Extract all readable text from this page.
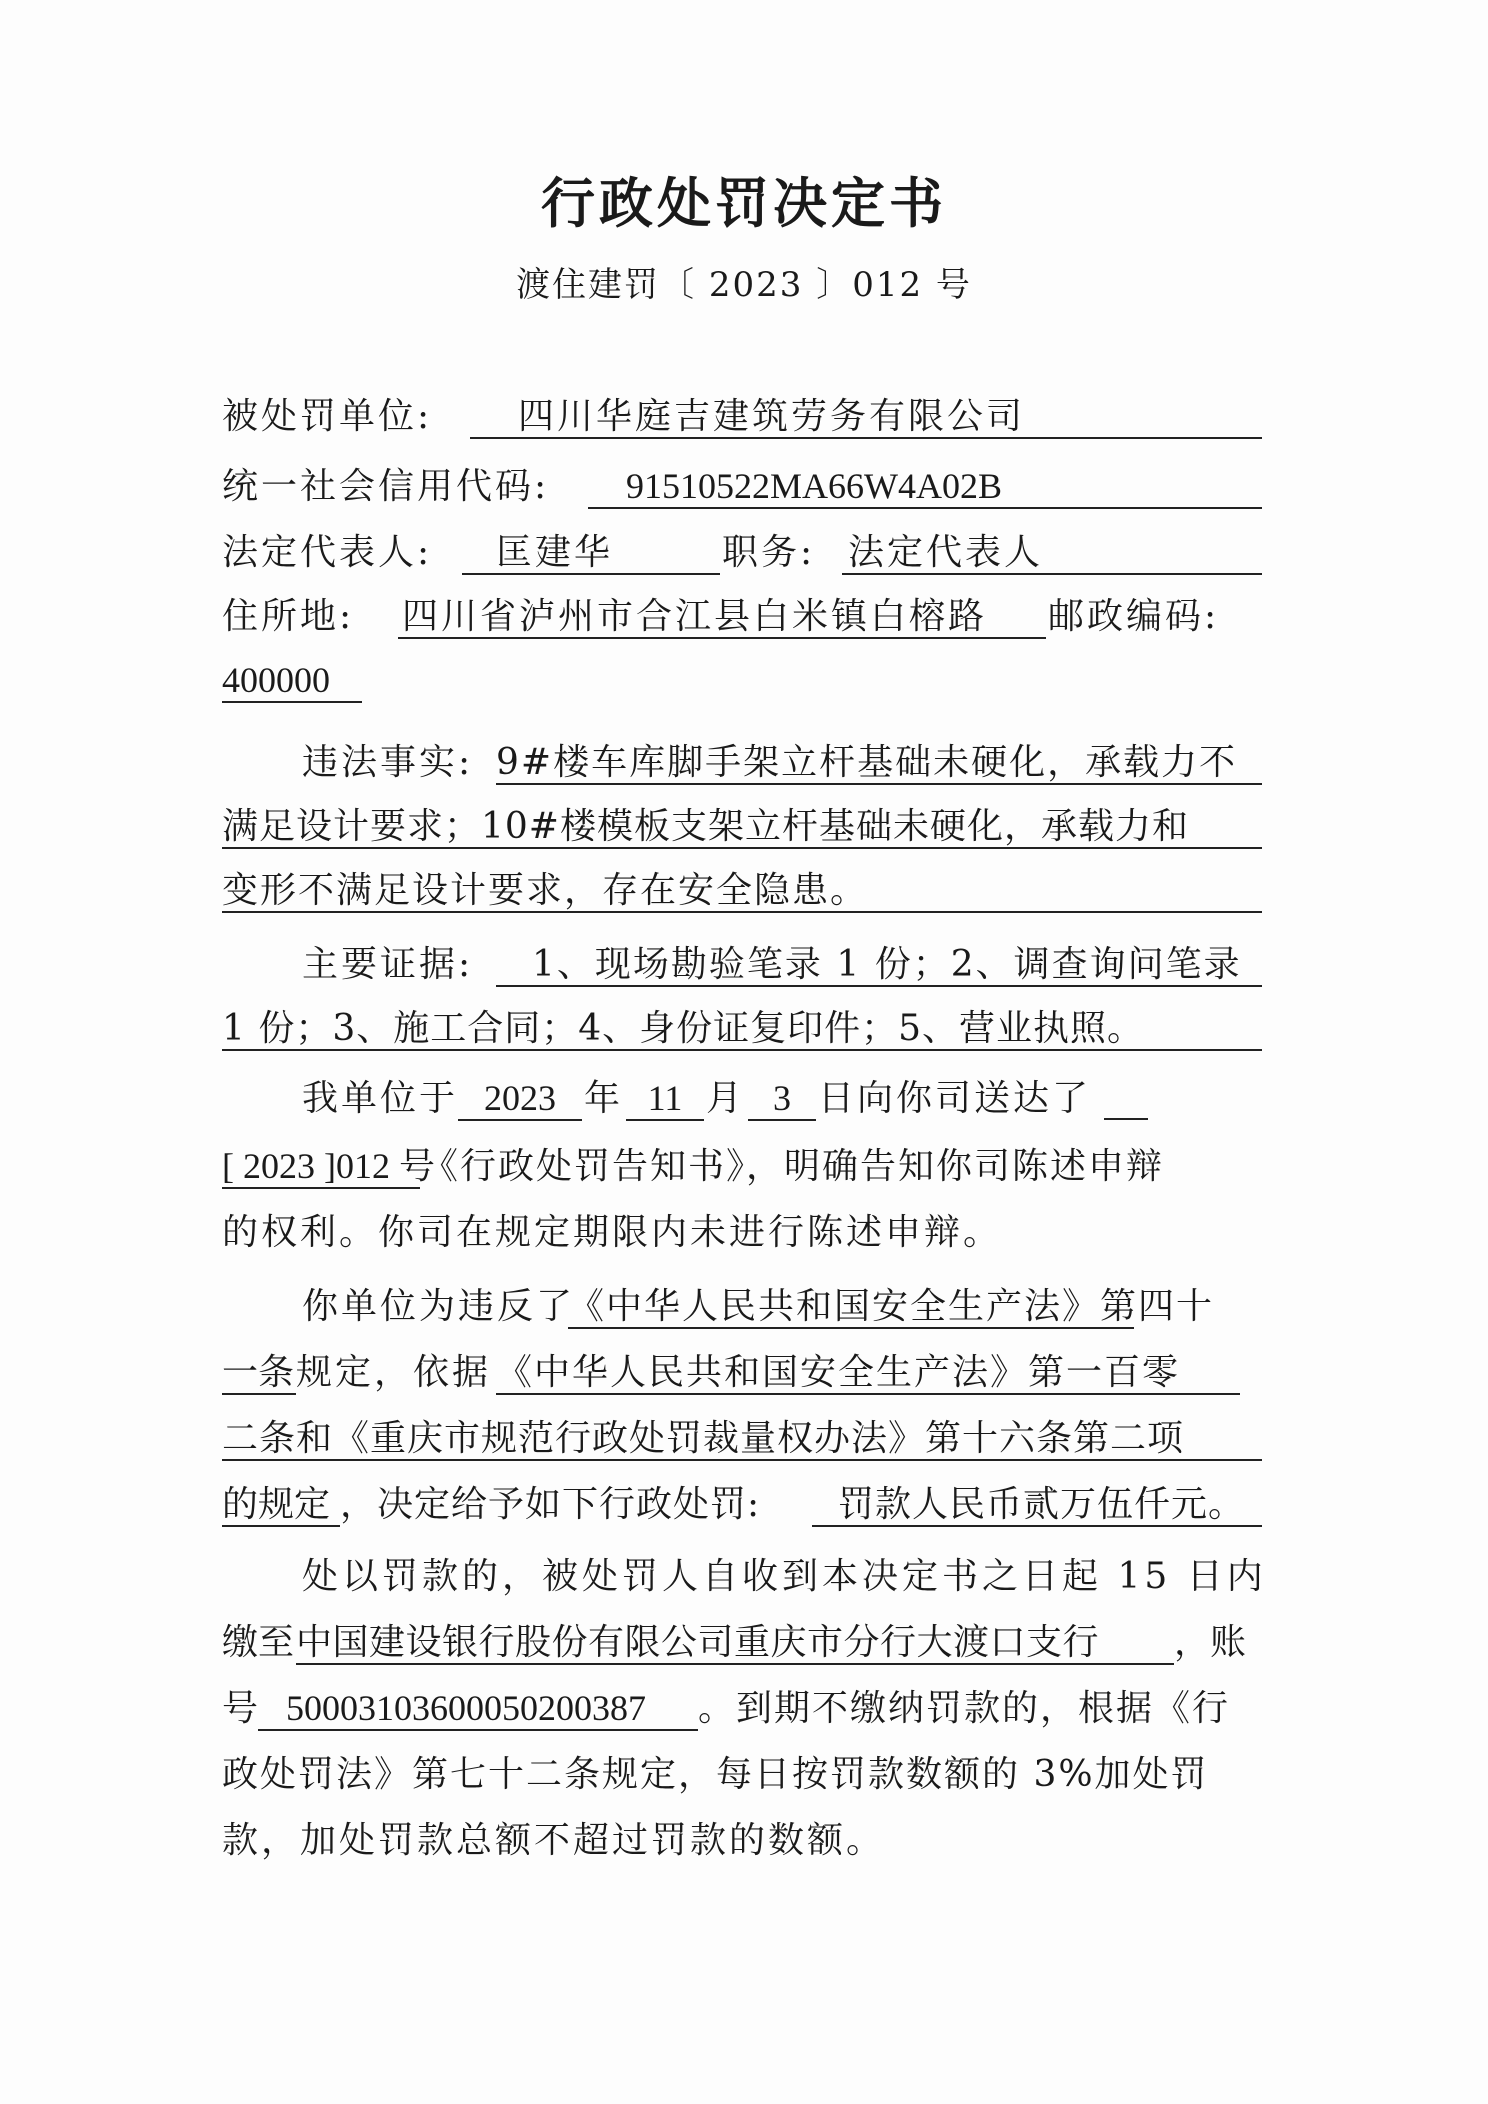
行政处罚决定书
渡住建罚〔 2023 〕012 号
被处罚单位:	四川华庭吉建筑劳务有限公司
统一社会信用代码:	91510522MA66W4A02B
法定代表人:	匡建华	职务: 法定代表人
住所地:	四川省泸州市合江县白米镇白榕路	邮政编码:
400000
违法事实: 9#楼车库脚手架立杆基础未硬化，承载力不
满足设计要求；10#楼模板支架立杆基础未硬化，承载力和
变形不满足设计要求，存在安全隐患。
主要证据:	1、现场勘验笔录 1 份；2、调查询问笔录
1 份；3、施工合同；4、身份证复印件；5、营业执照。
我单位于 2023 年 11 月 3 日向你司送达了
[ 2023 ]012 号
《行政处罚告知书》，明确告知你司陈述申辩
的权利。你司在规定期限内未进行陈述申辩。
你单位为违反了
《中华人民共和国安全生产法》第四十
一条 规定，依据 《中华人民共和国安全生产法》第一百零
二条和《重庆市规范行政处罚裁量权办法》第十六条第二项
的规定 ，决定给予如下行政处罚:	罚款人民币贰万伍仟元。
处以罚款的，被处罚人自收到本决定书之日起 15 日内
缴至 中国建设银行股份有限公司重庆市分行大渡口支行	，账
号 50003103600050200387	。到期不缴纳罚款的，根据《行
政处罚法》第七十二条规定，每日按罚款数额的 3%加处罚
款，加处罚款总额不超过罚款的数额。
